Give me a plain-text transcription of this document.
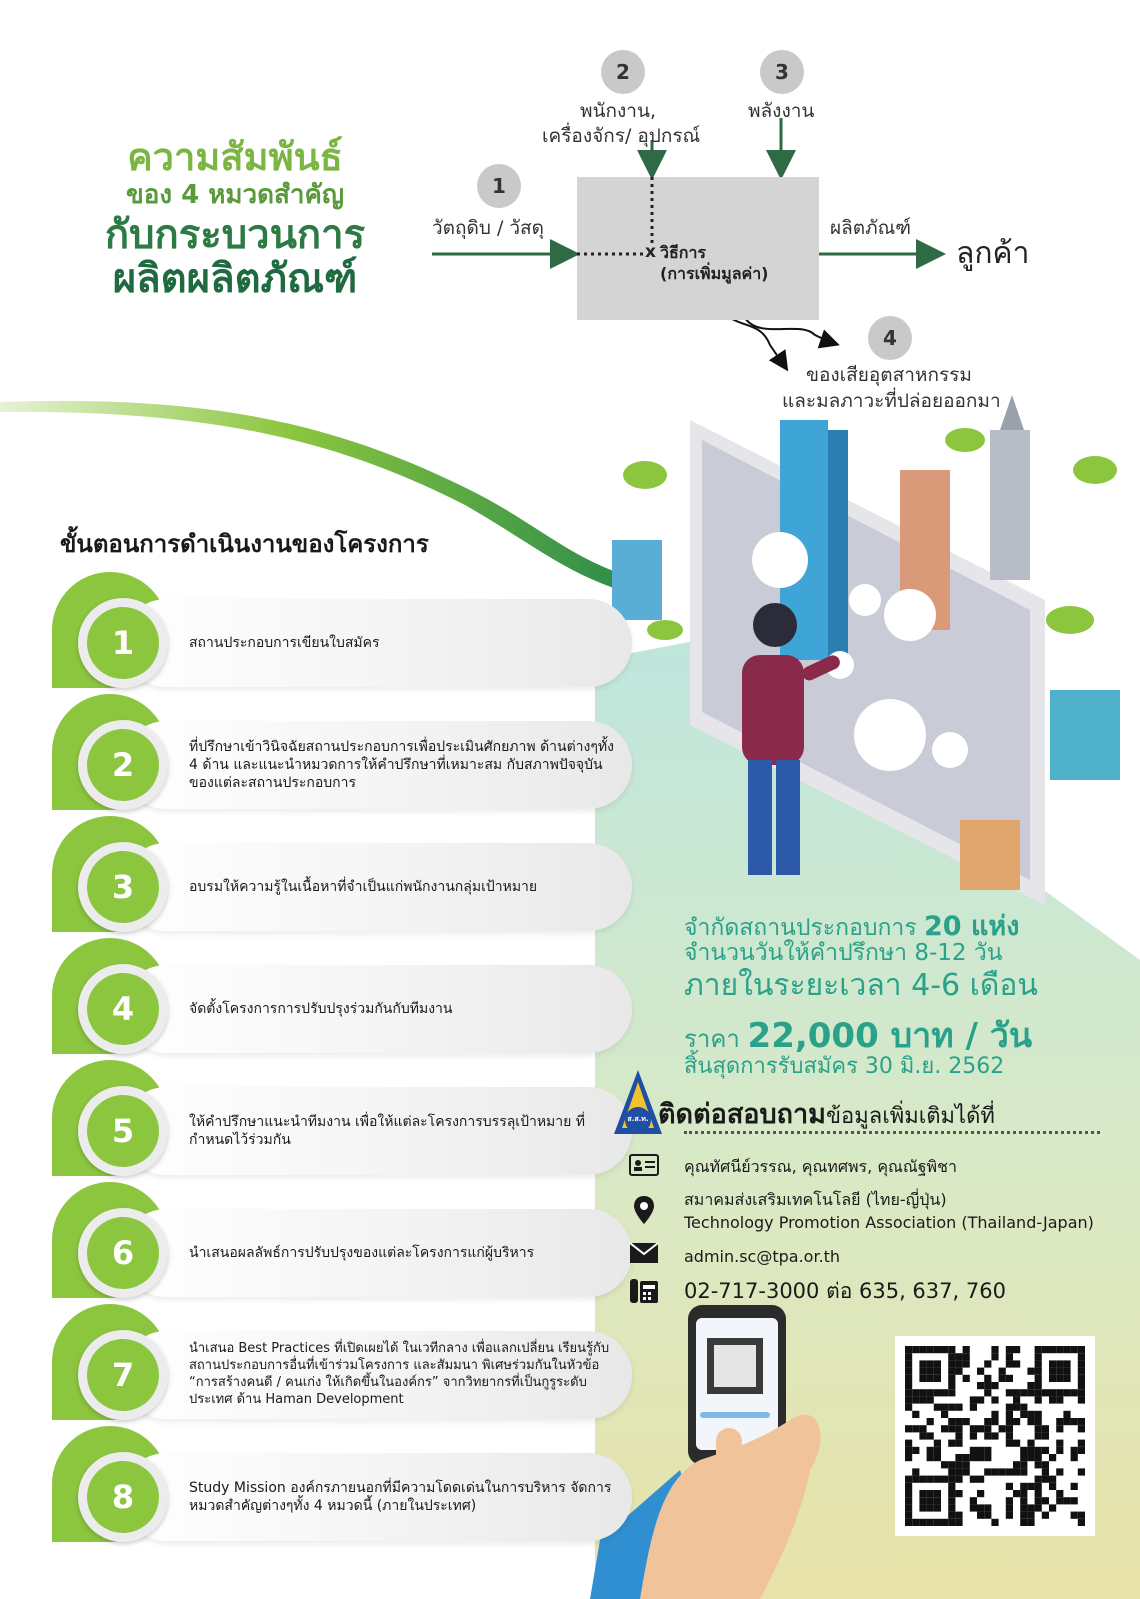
ความสัมพันธ์
ของ 4 หมวดสำคัญ
กับกระบวนการ
ผลิตผลิตภัณฑ์
x วิธีการ
(การเพิ่มมูลค่า)
1
วัตถุดิบ / วัสดุ
2
พนักงาน,
เครื่องจักร/ อุปกรณ์
3
พลังงาน
ผลิตภัณฑ์
ลูกค้า
4
ของเสียอุตสาหกรรม
และมลภาวะที่ปล่อยออกมา
ขั้นตอนการดำเนินงานของโครงการ
1	สถานประกอบการเขียนใบสมัคร
2	ที่ปรึกษาเข้าวินิจฉัยสถานประกอบการเพื่อประเมินศักยภาพ ด้านต่างๆทั้ง 4 ด้าน และแนะนำหมวดการให้คำปรึกษาที่เหมาะสม กับสภาพปัจจุบันของแต่ละสถานประกอบการ
3	อบรมให้ความรู้ในเนื้อหาที่จำเป็นแก่พนักงานกลุ่มเป้าหมาย
4	จัดตั้งโครงการการปรับปรุงร่วมกันกับทีมงาน
5	ให้คำปรึกษาแนะนำทีมงาน เพื่อให้แต่ละโครงการบรรลุเป้าหมาย ที่กำหนดไว้ร่วมกัน
6	นำเสนอผลลัพธ์การปรับปรุงของแต่ละโครงการแก่ผู้บริหาร
7
นำเสนอ Best Practices ที่เปิดเผยได้ ในเวทีกลาง เพื่อแลกเปลี่ยน เรียนรู้กับสถานประกอบการอื่นที่เข้าร่วมโครงการ และสัมมนา พิเศษร่วมกันในหัวข้อ “การสร้างคนดี / คนเก่ง ให้เกิดขึ้นในองค์กร” จากวิทยากรที่เป็นกูรูระดับประเทศ ด้าน Haman Development
8	Study Mission องค์กรภายนอกที่มีความโดดเด่นในการบริหาร จัดการหมวดสำคัญต่างๆทั้ง 4 หมวดนี้ (ภายในประเทศ)
จำกัดสถานประกอบการ 20 แห่ง
จำนวนวันให้คำปรึกษา 8-12 วัน
ภายในระยะเวลา 4-6 เดือน
ราคา 22,000 บาท / วัน
สิ้นสุดการรับสมัคร 30 มิ.ย. 2562
ส.ส.ท. ติดต่อสอบถามข้อมูลเพิ่มเติมได้ที่
คุณทัศนีย์วรรณ, คุณทศพร, คุณณัฐพิชา
สมาคมส่งเสริมเทคโนโลยี (ไทย-ญี่ปุ่น)
Technology Promotion Association (Thailand-Japan)
admin.sc@tpa.or.th
02-717-3000 ต่อ 635, 637, 760
